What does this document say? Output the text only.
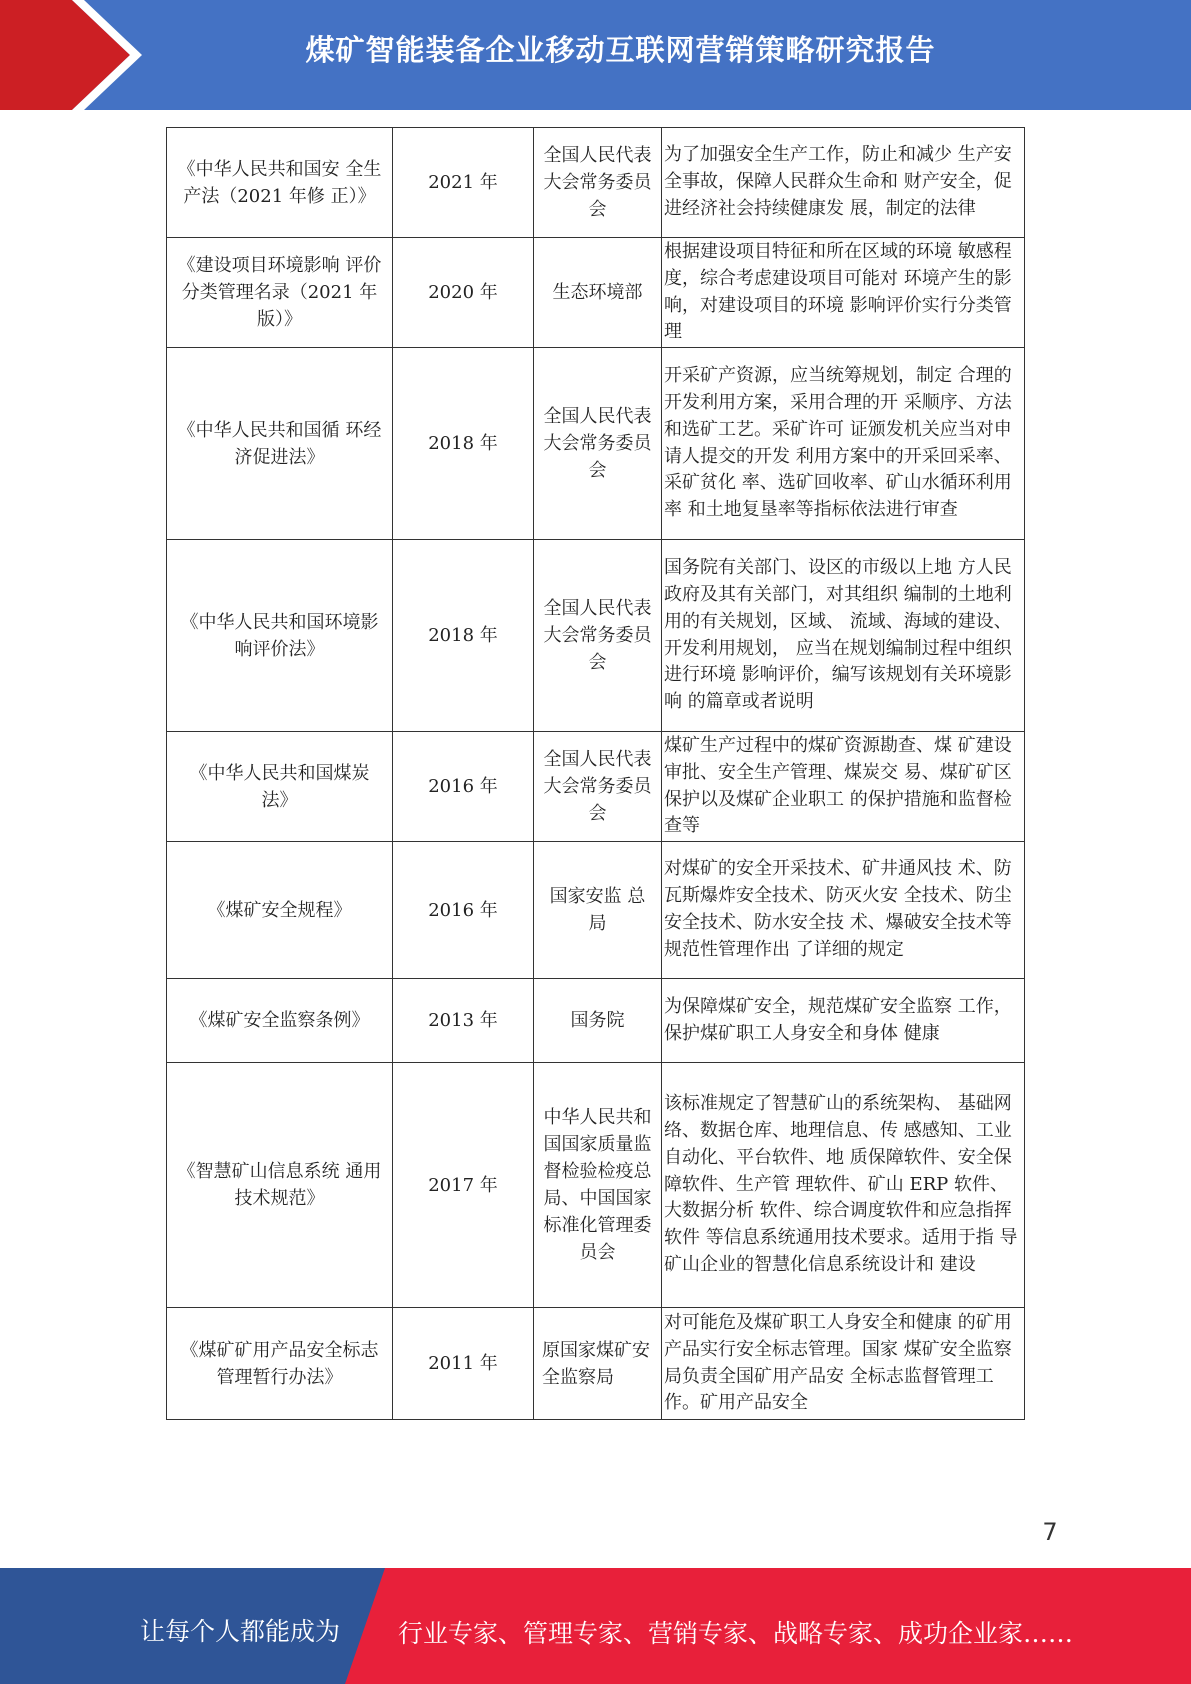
煤矿智能装备企业移动互联网营销策略研究报告
《中华人民共和国安 全生产法（2021 年修 正）》	2021 年	全国人民代表大会常务委员会	为了加强安全生产工作，防止和减少 生产安全事故，保障人民群众生命和 财产安全，促进经济社会持续健康发 展，制定的法律
《建设项目环境影响 评价分类管理名录（2021 年版）》	2020 年	生态环境部	根据建设项目特征和所在区域的环境 敏感程度，综合考虑建设项目可能对 环境产生的影响，对建设项目的环境 影响评价实行分类管理
《中华人民共和国循 环经济促进法》	2018 年	全国人民代表大会常务委员会	开采矿产资源，应当统筹规划，制定 合理的开发利用方案，采用合理的开 采顺序、方法和选矿工艺。采矿许可 证颁发机关应当对申请人提交的开发 利用方案中的开采回采率、采矿贫化 率、选矿回收率、矿山水循环利用率 和土地复垦率等指标依法进行审查
《中华人民共和国环境影响评价法》	2018 年	全国人民代表大会常务委员会	国务院有关部门、设区的市级以上地 方人民政府及其有关部门，对其组织 编制的土地利用的有关规划，区域、 流域、海域的建设、开发利用规划， 应当在规划编制过程中组织进行环境 影响评价，编写该规划有关环境影响 的篇章或者说明
《中华人民共和国煤炭法》	2016 年	全国人民代表大会常务委员会	煤矿生产过程中的煤矿资源勘查、煤 矿建设审批、安全生产管理、煤炭交 易、煤矿矿区保护以及煤矿企业职工 的保护措施和监督检查等
《煤矿安全规程》	2016 年	国家安监 总局	对煤矿的安全开采技术、矿井通风技 术、防瓦斯爆炸安全技术、防灭火安 全技术、防尘安全技术、防水安全技 术、爆破安全技术等规范性管理作出 了详细的规定
《煤矿安全监察条例》	2013 年	国务院	为保障煤矿安全，规范煤矿安全监察 工作，保护煤矿职工人身安全和身体 健康
《智慧矿山信息系统 通用技术规范》	2017 年	中华人民共和国国家质量监督检验检疫总局、中国国家标准化管理委员会	该标准规定了智慧矿山的系统架构、 基础网络、数据仓库、地理信息、传 感感知、工业自动化、平台软件、地 质保障软件、安全保障软件、生产管 理软件、矿山 ERP 软件、大数据分析 软件、综合调度软件和应急指挥软件 等信息系统通用技术要求。适用于指 导矿山企业的智慧化信息系统设计和 建设
《煤矿矿用产品安全标志管理暂行办法》	2011 年	原国家煤矿安全监察局	对可能危及煤矿职工人身安全和健康 的矿用产品实行安全标志管理。国家 煤矿安全监察局负责全国矿用产品安 全标志监督管理工作。矿用产品安全
7
让每个人都能成为 行业专家、管理专家、营销专家、战略专家、成功企业家……
